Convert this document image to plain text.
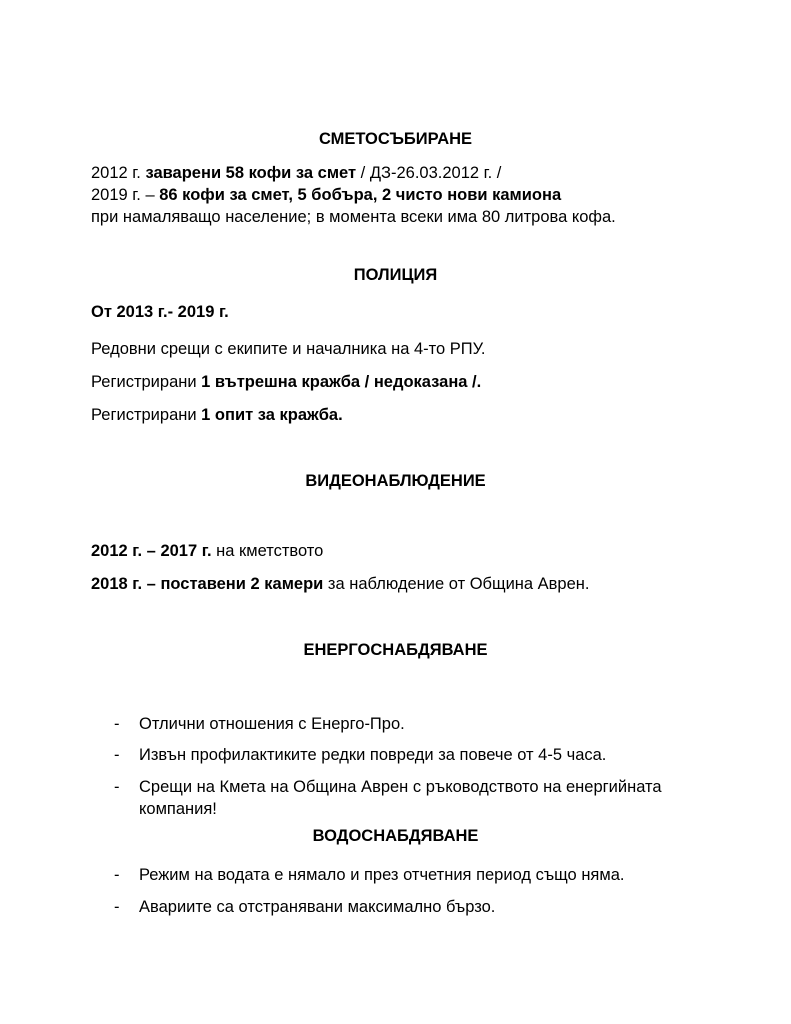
СМЕТОСЪБИРАНЕ
2012 г. заварени 58 кофи за смет / ДЗ-26.03.2012 г. /
2019 г. – 86 кофи за смет, 5 бобъра, 2 чисто нови камиона
при намаляващо население; в момента всеки има 80 литрова кофа.
ПОЛИЦИЯ
От 2013 г.- 2019 г.
Редовни срещи с екипите и началника на 4-то РПУ.
Регистрирани 1 вътрешна кражба / недоказана /.
Регистрирани 1 опит за кражба.
ВИДЕОНАБЛЮДЕНИЕ
2012 г. – 2017 г. на кметството
2018 г. – поставени 2 камери за наблюдение от Община Аврен.
ЕНЕРГОСНАБДЯВАНЕ
- Отлични отношения с Енерго-Про.
- Извън профилактиките редки повреди за повече от 4-5 часа.
- Срещи на Кмета на Община Аврен с ръководството на енергийната компания!
ВОДОСНАБДЯВАНЕ
- Режим на водата е нямало и през отчетния период също няма.
- Авариите са отстранявани максимално бързо.
